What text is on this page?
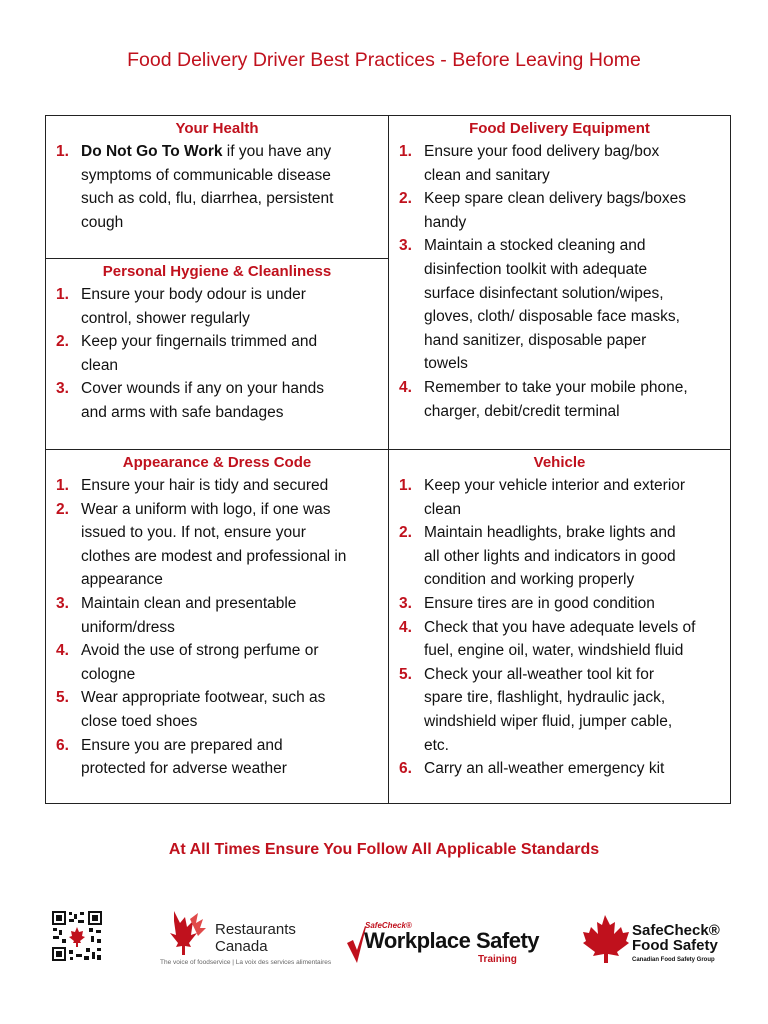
Food Delivery Driver Best Practices - Before Leaving Home
Your Health
1. Do Not Go To Work if you have any
symptoms of communicable disease
such as cold, flu, diarrhea, persistent
cough
Personal Hygiene & Cleanliness
1. Ensure your body odour is under
control, shower regularly
2. Keep your fingernails trimmed and
clean
3. Cover wounds if any on your hands
and arms with safe bandages
Food Delivery Equipment
1. Ensure your food delivery bag/box
clean and sanitary
2. Keep spare clean delivery bags/boxes
handy
3. Maintain a stocked cleaning and
disinfection toolkit with adequate
surface disinfectant solution/wipes,
gloves, cloth/ disposable face masks,
hand sanitizer, disposable paper
towels
4. Remember to take your mobile phone,
charger, debit/credit terminal
Appearance & Dress Code
1. Ensure your hair is tidy and secured
2. Wear a uniform with logo, if one was
issued to you. If not, ensure your
clothes are modest and professional in
appearance
3. Maintain clean and presentable
uniform/dress
4. Avoid the use of strong perfume or
cologne
5. Wear appropriate footwear, such as
close toed shoes
6. Ensure you are prepared and
protected for adverse weather
Vehicle
1. Keep your vehicle interior and exterior
clean
2. Maintain headlights, brake lights and
all other lights and indicators in good
condition and working properly
3. Ensure tires are in good condition
4. Check that you have adequate levels of
fuel, engine oil, water, windshield fluid
5. Check your all-weather tool kit for
spare tire, flashlight, hydraulic jack,
windshield wiper fluid, jumper cable,
etc.
6. Carry an all-weather emergency kit
At All Times Ensure You Follow All Applicable Standards
Restaurants
Canada
The voice of foodservice | La voix des services alimentaires
SafeCheck®
Workplace Safety
Training
SafeCheck®
Food Safety
Canadian Food Safety Group
